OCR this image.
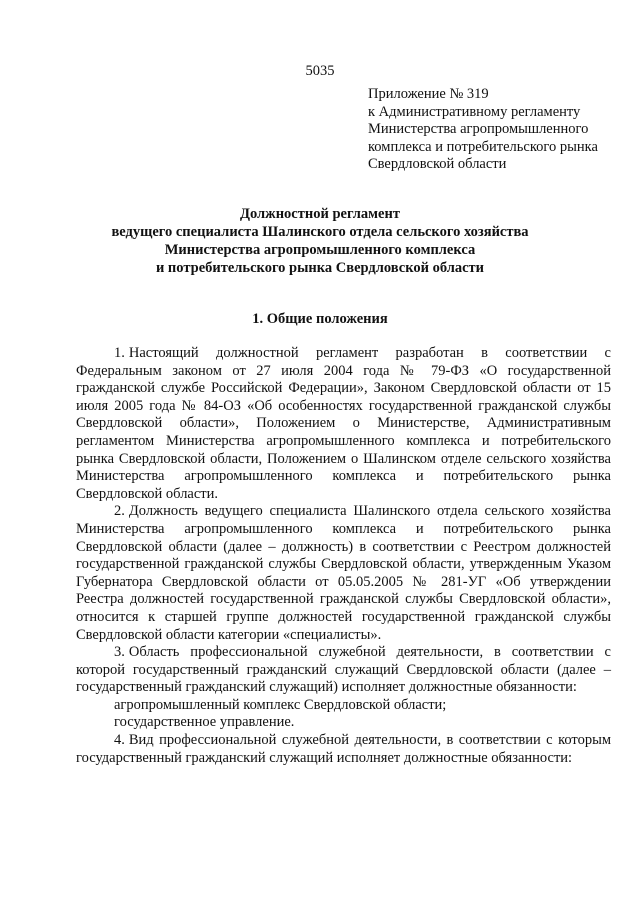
5035
Приложение № 319
к Административному регламенту
Министерства агропромышленного
комплекса и потребительского рынка
Свердловской области
Должностной регламент
ведущего специалиста Шалинского отдела сельского хозяйства
Министерства агропромышленного комплекса
и потребительского рынка Свердловской области
1. Общие положения

1. Настоящий должностной регламент разработан в соответствии с Федеральным законом от 27 июля 2004 года № 79-ФЗ «О государственной гражданской службе Российской Федерации», Законом Свердловской области от 15 июля 2005 года № 84-ОЗ «Об особенностях государственной гражданской службы Свердловской области», Положением о Министерстве, Административным регламентом Министерства агропромышленного комплекса и потребительского рынка Свердловской области, Положением о Шалинском отделе сельского хозяйства Министерства агропромышленного комплекса и потребительского рынка Свердловской области.

2. Должность ведущего специалиста Шалинского отдела сельского хозяйства Министерства агропромышленного комплекса и потребительского рынка Свердловской области (далее – должность) в соответствии с Реестром должностей государственной гражданской службы Свердловской области, утвержденным Указом Губернатора Свердловской области от 05.05.2005 № 281-УГ «Об утверждении Реестра должностей государственной гражданской службы Свердловской области», относится к старшей группе должностей государственной гражданской службы Свердловской области категории «специалисты».

3. Область профессиональной служебной деятельности, в соответствии с которой государственный гражданский служащий Свердловской области (далее – государственный гражданский служащий) исполняет должностные обязанности:

агропромышленный комплекс Свердловской области;

государственное управление.

4. Вид профессиональной служебной деятельности, в соответствии с которым государственный гражданский служащий исполняет должностные обязанности:
